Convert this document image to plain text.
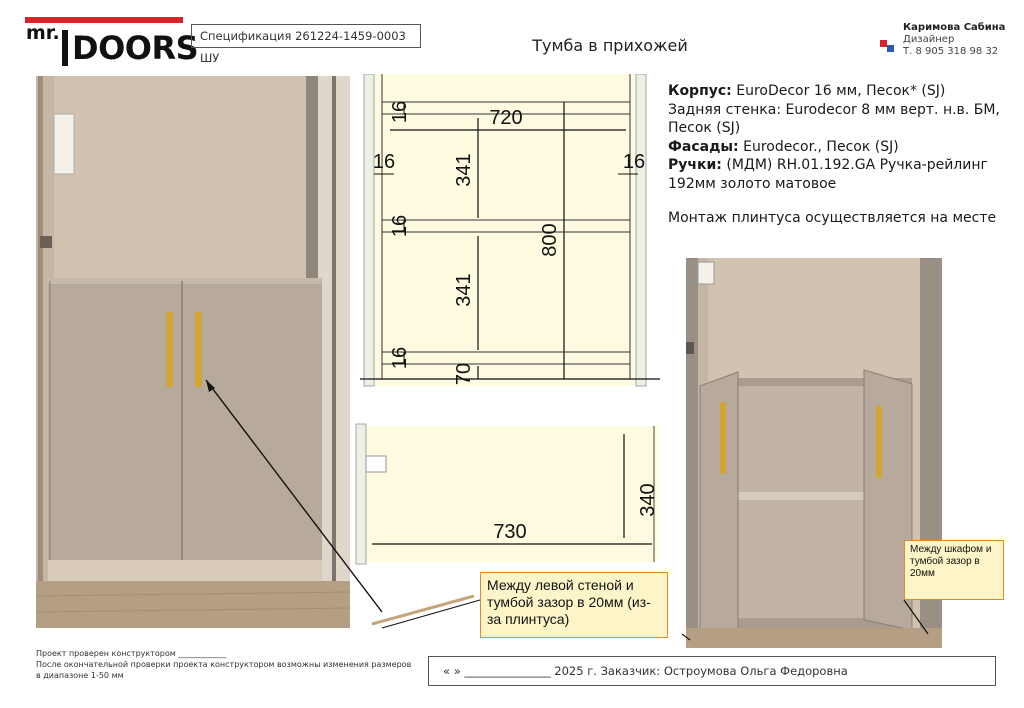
mr. DOORS Спецификация 261224-1459-0003 ШУ
Тумба в прихожей
Каримова Сабина
Дизайнер
Т. 8 905 318 98 32
16	720
16	16
341
16	800
341
16
70
730
340

Корпус: EuroDecor 16 мм, Песок* (SJ)

Задняя стенка: Eurodecor 8 мм верт. н.в. БМ, Песок (SJ)

Фасады: Eurodecor., Песок (SJ)

Ручки: (МДМ) RH.01.192.GA Ручка-рейлинг 192мм золото матовое

Монтаж плинтуса осуществляется на месте

Между левой стеной и тумбой зазор в 20мм (из-за плинтуса)
Между шкафом и тумбой зазор в 20мм
Проект проверен конструктором ____________
После окончательной проверки проекта конструктором возможны изменения размеров в диапазоне 1-50 мм	« » _______________ 2025 г. Заказчик: Остроумова Ольга Федоровна
